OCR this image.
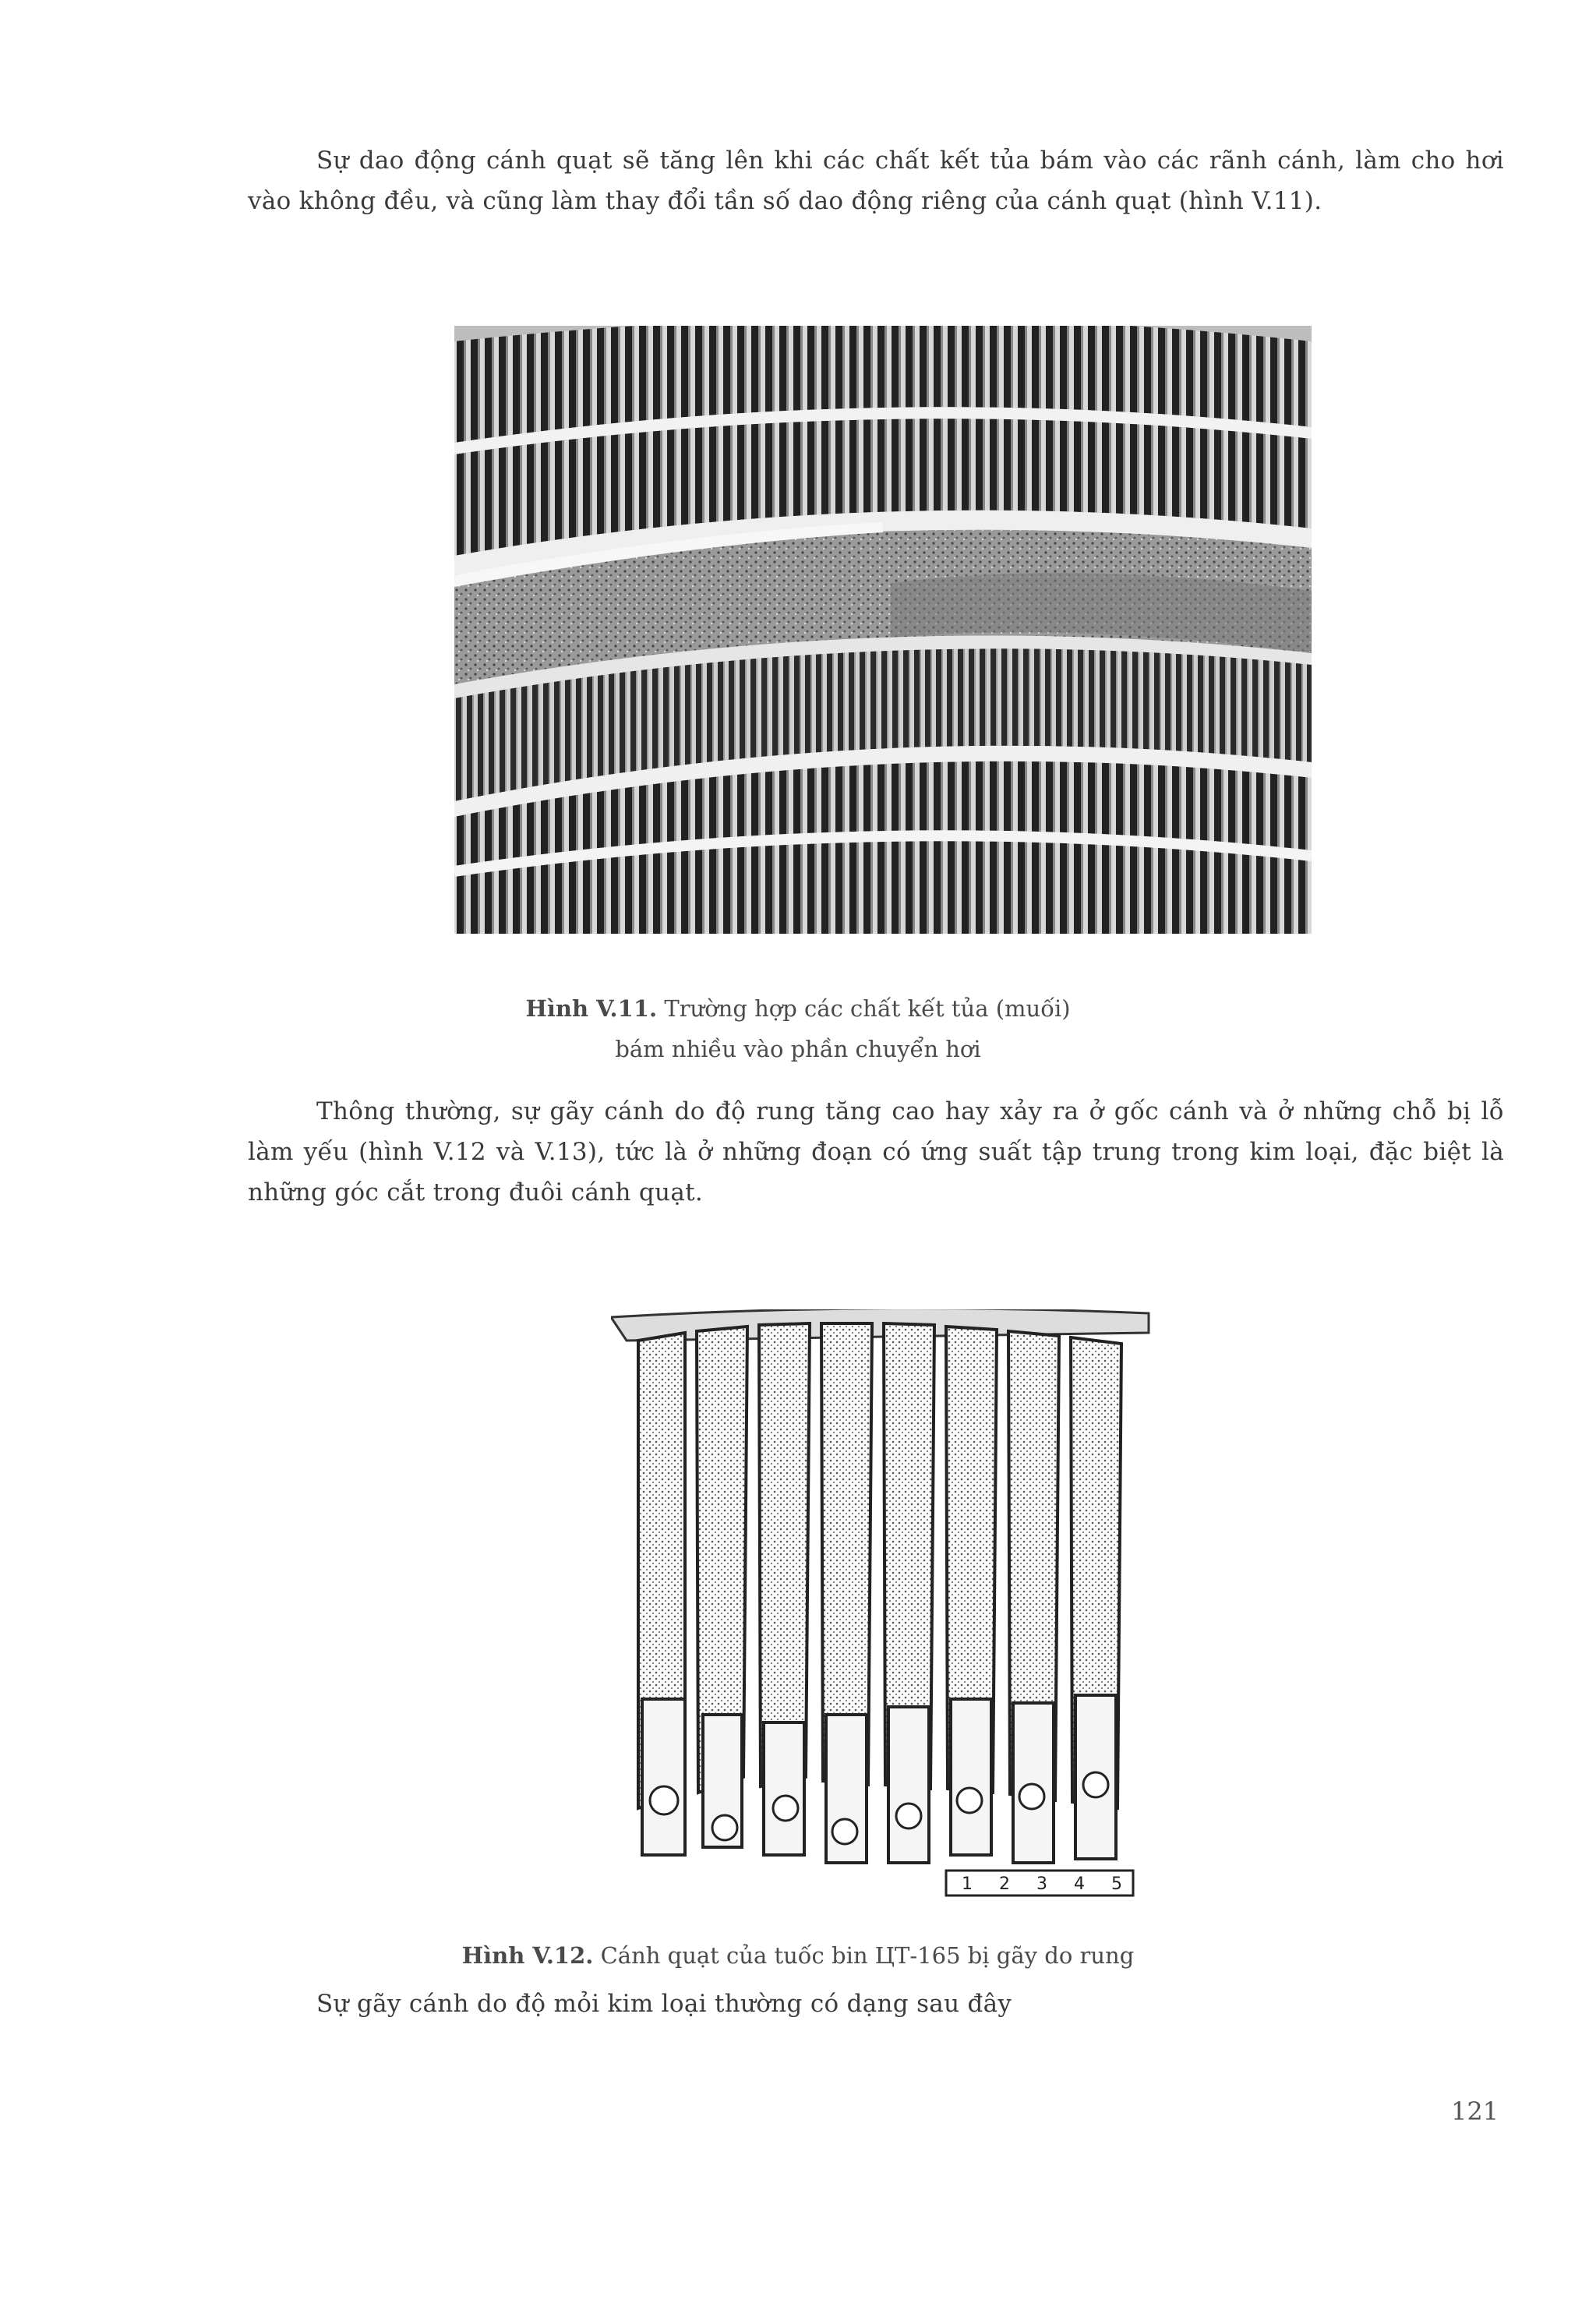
Sự dao động cánh quạt sẽ tăng lên khi các chất kết tủa bám vào các rãnh cánh, làm cho hơi vào không đều, và cũng làm thay đổi tần số dao động riêng của cánh quạt (hình V.11).

Hình V.11. Trường hợp các chất kết tủa (muối)

bám nhiều vào phần chuyển hơi

Thông thường, sự gãy cánh do độ rung tăng cao hay xảy ra ở gốc cánh và ở những chỗ bị lỗ làm yếu (hình V.12 và V.13), tức là ở những đoạn có ứng suất tập trung trong kim loại, đặc biệt là những góc cắt trong đuôi cánh quạt.

1 2 3 4 5

Hình V.12. Cánh quạt của tuốc bin ЦТ-165 bị gãy do rung

Sự gãy cánh do độ mỏi kim loại thường có dạng sau đây

121
